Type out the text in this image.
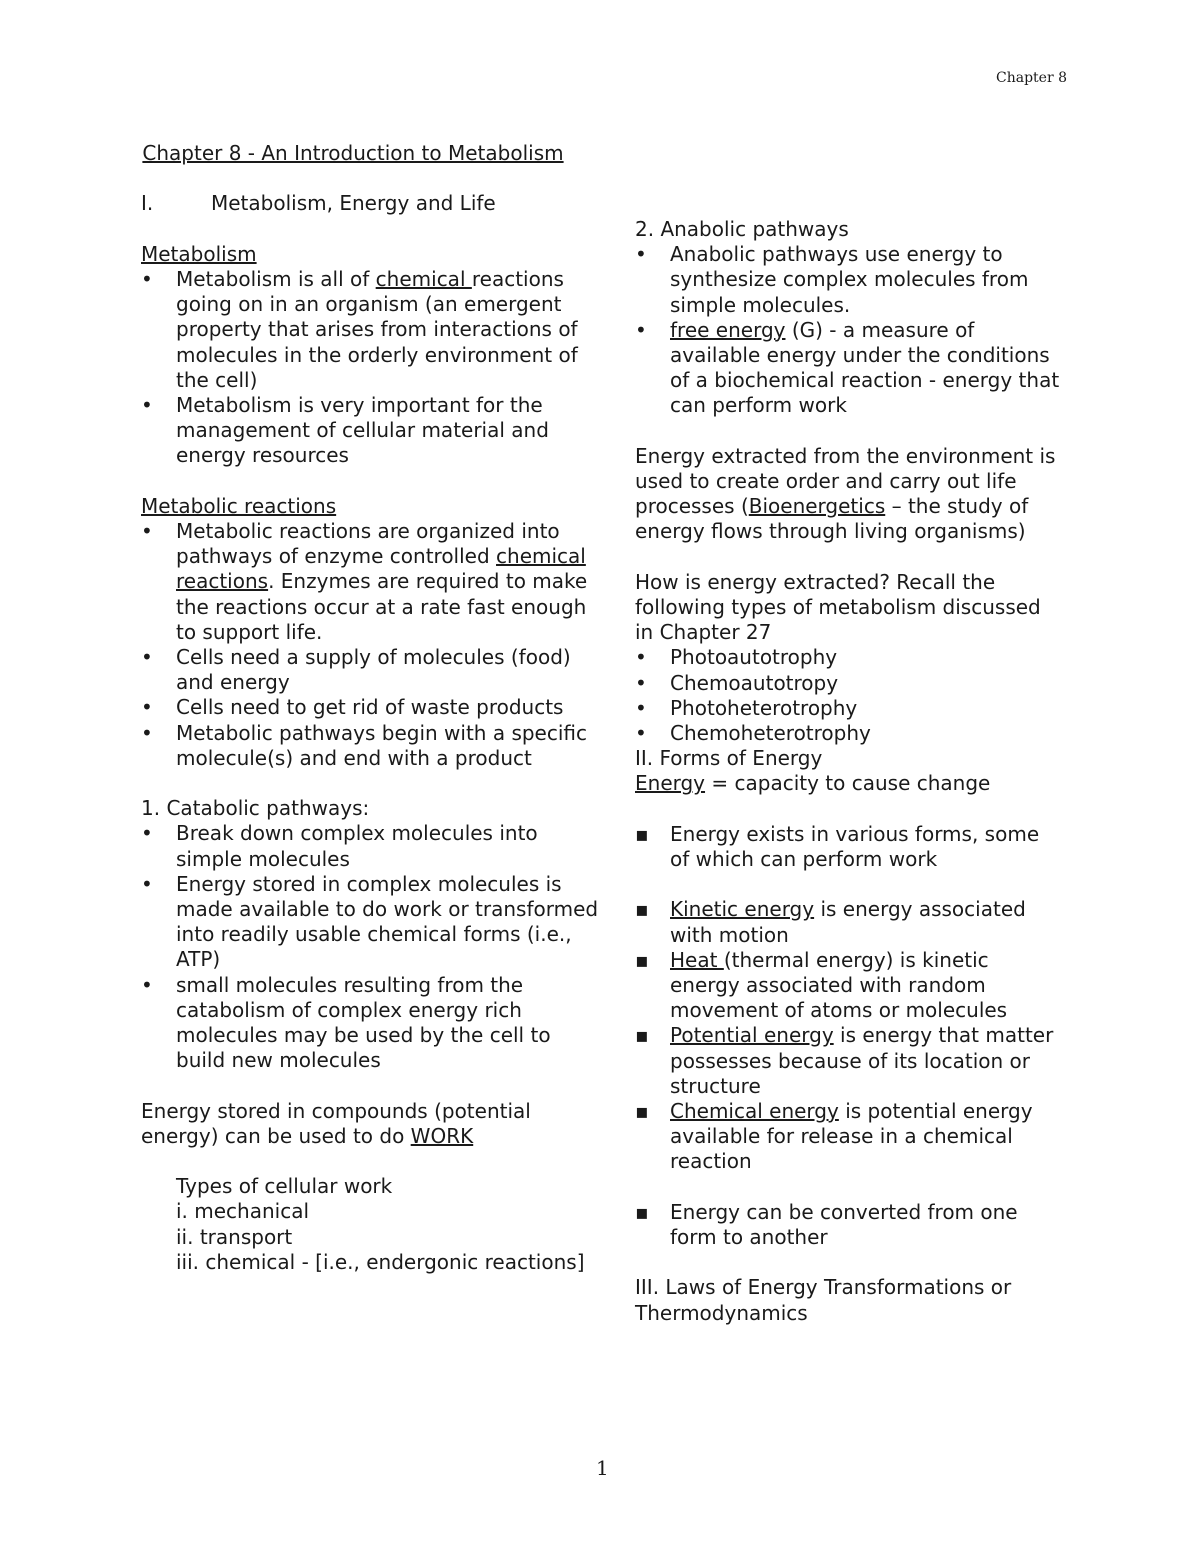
Chapter 8

Chapter 8 - An Introduction to Metabolism

I.	Metabolism, Energy and Life

Metabolism

• Metabolism is all of chemical reactions going on in an organism (an emergent property that arises from interactions of molecules in the orderly environment of the cell)
• Metabolism is very important for the management of cellular material and energy resources

Metabolic reactions

• Metabolic reactions are organized into pathways of enzyme controlled chemical reactions. Enzymes are required to make the reactions occur at a rate fast enough to support life.
• Cells need a supply of molecules (food) and energy
• Cells need to get rid of waste products
• Metabolic pathways begin with a specific molecule(s) and end with a product

1. Catabolic pathways:

• Break down complex molecules into simple molecules
• Energy stored in complex molecules is made available to do work or transformed into readily usable chemical forms (i.e., ATP)
• small molecules resulting from the catabolism of complex energy rich molecules may be used by the cell to build new molecules

Energy stored in compounds (potential energy) can be used to do WORK

Types of cellular work

i. mechanical

ii. transport

iii. chemical - [i.e., endergonic reactions]

2. Anabolic pathways

• Anabolic pathways use energy to synthesize complex molecules from simple molecules.
• free energy (G) - a measure of available energy under the conditions of a biochemical reaction - energy that can perform work

Energy extracted from the environment is used to create order and carry out life processes (Bioenergetics – the study of energy flows through living organisms)

How is energy extracted? Recall the following types of metabolism discussed in Chapter 27

• Photoautotrophy
• Chemoautotropy
• Photoheterotrophy
• Chemoheterotrophy

II. Forms of Energy

Energy = capacity to cause change

▪ Energy exists in various forms, some of which can perform work
▪ Kinetic energy is energy associated with motion
▪ Heat (thermal energy) is kinetic energy associated with random movement of atoms or molecules
▪ Potential energy is energy that matter possesses because of its location or structure
▪ Chemical energy is potential energy available for release in a chemical reaction
▪ Energy can be converted from one form to another

III. Laws of Energy Transformations or Thermodynamics

1
